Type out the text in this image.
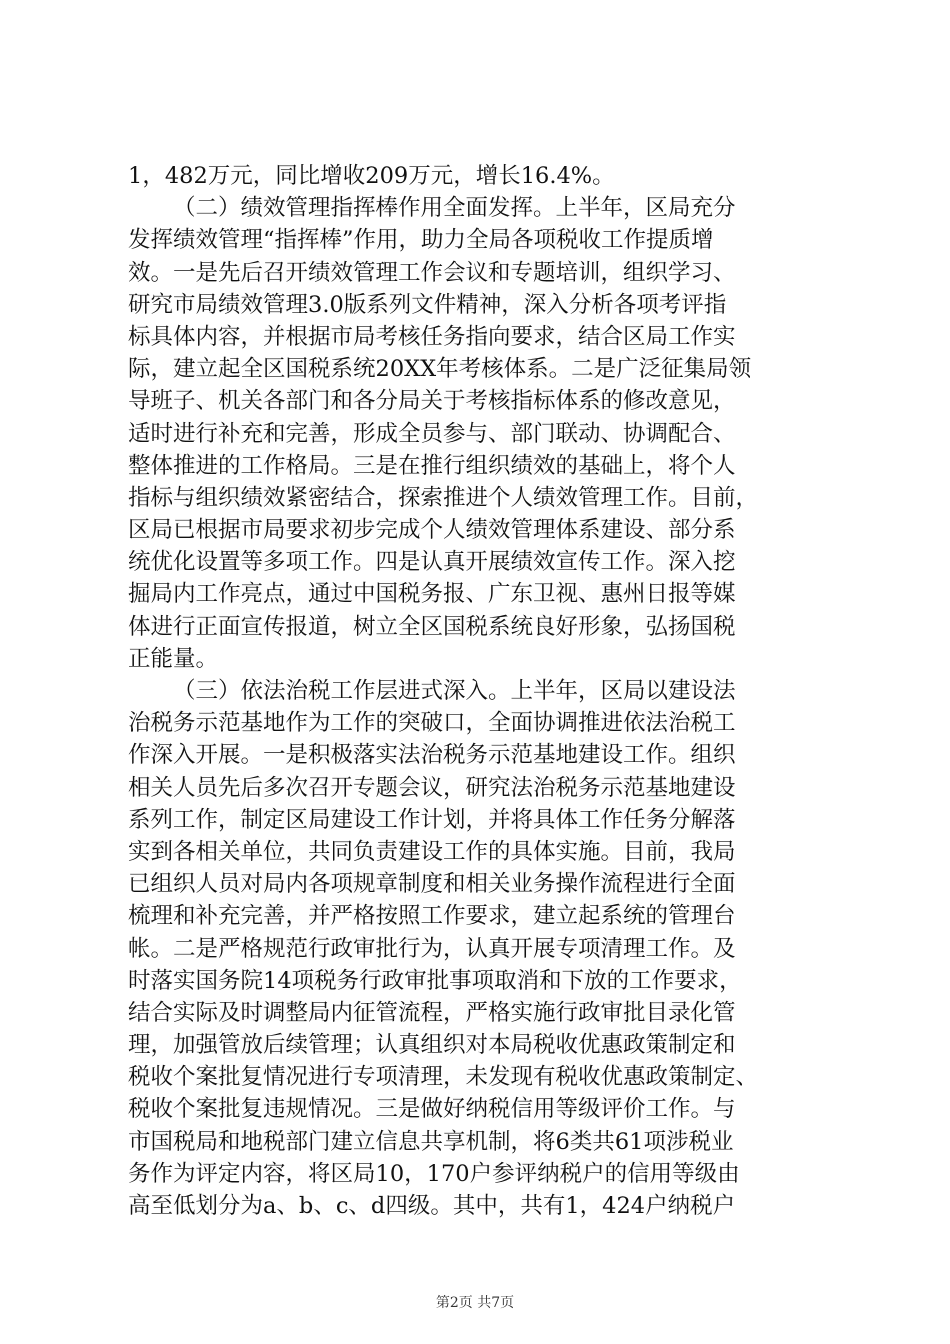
1，482万元，同比增收209万元，增长16.4%。
（二）绩效管理指挥棒作用全面发挥。上半年，区局充分
发挥绩效管理“指挥棒”作用，助力全局各项税收工作提质增
效。一是先后召开绩效管理工作会议和专题培训，组织学习、
研究市局绩效管理3.0版系列文件精神，深入分析各项考评指
标具体内容，并根据市局考核任务指向要求，结合区局工作实
际，建立起全区国税系统20XX年考核体系。二是广泛征集局领
导班子、机关各部门和各分局关于考核指标体系的修改意见，
适时进行补充和完善，形成全员参与、部门联动、协调配合、
整体推进的工作格局。三是在推行组织绩效的基础上，将个人
指标与组织绩效紧密结合，探索推进个人绩效管理工作。目前，
区局已根据市局要求初步完成个人绩效管理体系建设、部分系
统优化设置等多项工作。四是认真开展绩效宣传工作。深入挖
掘局内工作亮点，通过中国税务报、广东卫视、惠州日报等媒
体进行正面宣传报道，树立全区国税系统良好形象，弘扬国税
正能量。
（三）依法治税工作层进式深入。上半年，区局以建设法
治税务示范基地作为工作的突破口，全面协调推进依法治税工
作深入开展。一是积极落实法治税务示范基地建设工作。组织
相关人员先后多次召开专题会议，研究法治税务示范基地建设
系列工作，制定区局建设工作计划，并将具体工作任务分解落
实到各相关单位，共同负责建设工作的具体实施。目前，我局
已组织人员对局内各项规章制度和相关业务操作流程进行全面
梳理和补充完善，并严格按照工作要求，建立起系统的管理台
帐。二是严格规范行政审批行为，认真开展专项清理工作。及
时落实国务院14项税务行政审批事项取消和下放的工作要求，
结合实际及时调整局内征管流程，严格实施行政审批目录化管
理，加强管放后续管理；认真组织对本局税收优惠政策制定和
税收个案批复情况进行专项清理，未发现有税收优惠政策制定、
税收个案批复违规情况。三是做好纳税信用等级评价工作。与
市国税局和地税部门建立信息共享机制，将6类共61项涉税业
务作为评定内容，将区局10，170户参评纳税户的信用等级由
高至低划分为a、b、c、d四级。其中，共有1，424户纳税户
第2页 共7页
